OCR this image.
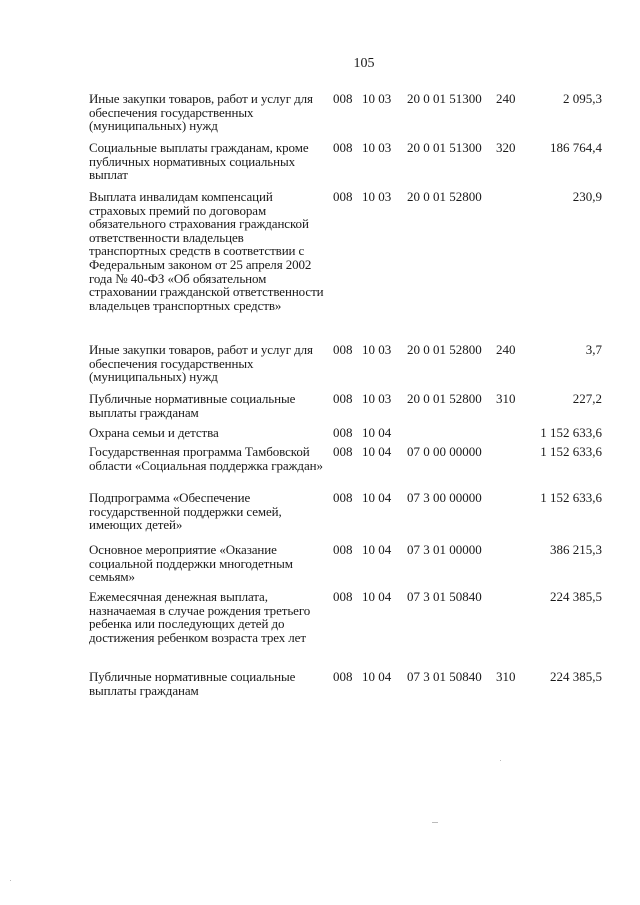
105
Иные закупки товаров, работ и услуг для обеспечения государственных (муниципальных) нужд
008 10 03	20 0 01 51300	240	2 095,3
Социальные выплаты гражданам, кроме публичных нормативных социальных выплат
008 10 03	20 0 01 51300	320	186 764,4
Выплата инвалидам компенсаций страховых премий по договорам обязательного страхования гражданской ответственности владельцев транспортных средств в соответствии с Федеральным законом от 25 апреля 2002 года № 40-ФЗ «Об обязательном страховании гражданской ответственности владельцев транспортных средств»
008 10 03	20 0 01 52800	230,9
Иные закупки товаров, работ и услуг для обеспечения государственных (муниципальных) нужд
008 10 03	20 0 01 52800	240	3,7
Публичные нормативные социальные выплаты гражданам
008 10 03	20 0 01 52800	310	227,2
Охрана семьи и детства	008 10 04	1 152 633,6
Государственная программа Тамбовской области «Социальная поддержка граждан»
008 10 04	07 0 00 00000	1 152 633,6
Подпрограмма «Обеспечение государственной поддержки семей, имеющих детей»
008 10 04	07 3 00 00000	1 152 633,6
Основное мероприятие «Оказание социальной поддержки многодетным семьям»
008 10 04	07 3 01 00000	386 215,3
Ежемесячная денежная выплата, назначаемая в случае рождения третьего ребенка или последующих детей до достижения ребенком возраста трех лет
008 10 04	07 3 01 50840	224 385,5
Публичные нормативные социальные выплаты гражданам
008 10 04	07 3 01 50840	310	224 385,5
